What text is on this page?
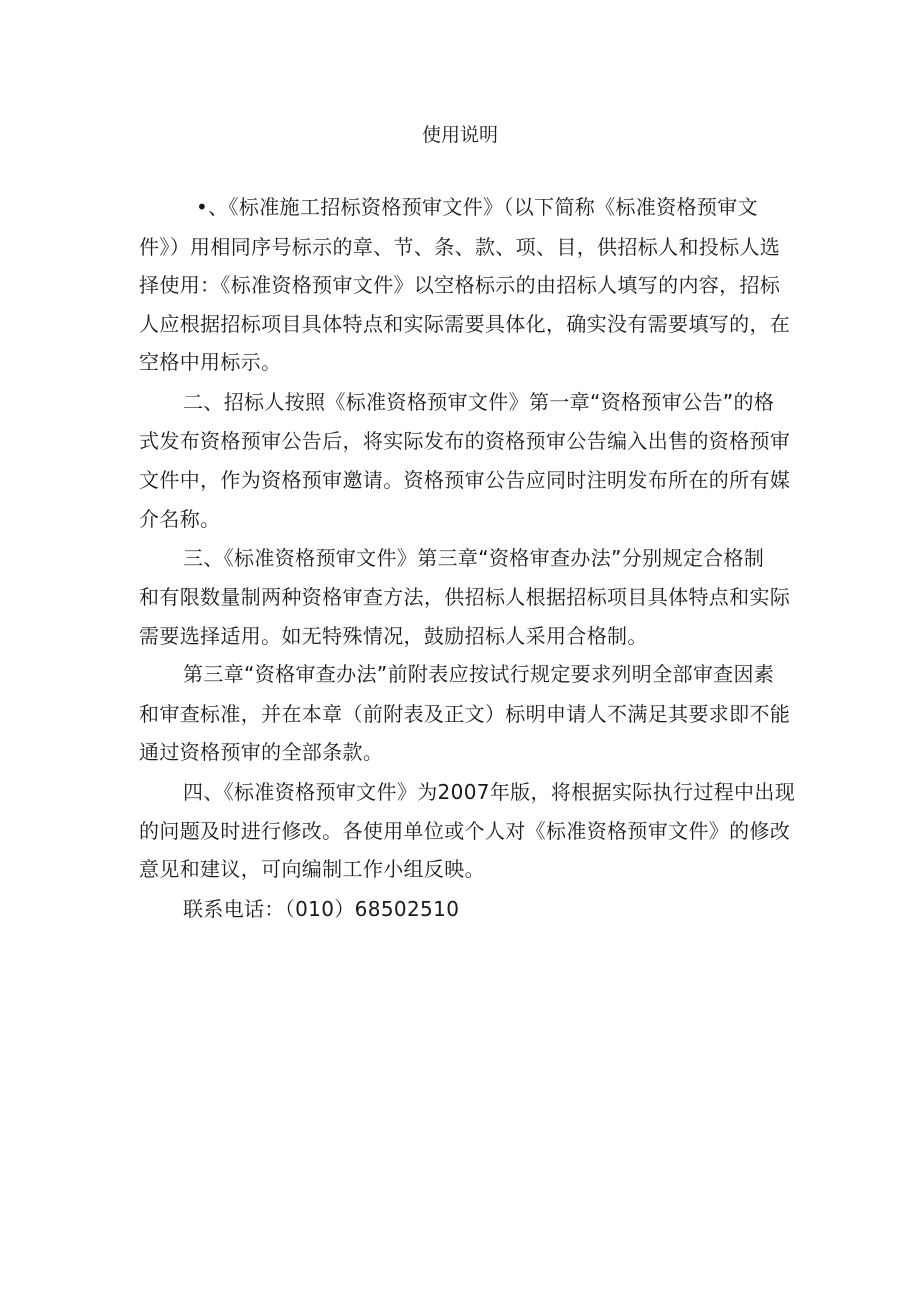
使用说明
•、《标准施工招标资格预审文件》（以下简称《标准资格预审文
件》）用相同序号标示的章、节、条、款、项、目，供招标人和投标人选
择使用：《标准资格预审文件》以空格标示的由招标人填写的内容，招标
人应根据招标项目具体特点和实际需要具体化，确实没有需要填写的，在
空格中用标示。
二、招标人按照《标准资格预审文件》第一章“资格预审公告”的格
式发布资格预审公告后，将实际发布的资格预审公告编入出售的资格预审
文件中，作为资格预审邀请。资格预审公告应同时注明发布所在的所有媒
介名称。
三、《标准资格预审文件》第三章“资格审查办法”分别规定合格制
和有限数量制两种资格审查方法，供招标人根据招标项目具体特点和实际
需要选择适用。如无特殊情况，鼓励招标人采用合格制。
第三章“资格审查办法”前附表应按试行规定要求列明全部审查因素
和审查标准，并在本章（前附表及正文）标明申请人不满足其要求即不能
通过资格预审的全部条款。
四、《标准资格预审文件》为2007年版，将根据实际执行过程中出现
的问题及时进行修改。各使用单位或个人对《标准资格预审文件》的修改
意见和建议，可向编制工作小组反映。
联系电话：（010）68502510
